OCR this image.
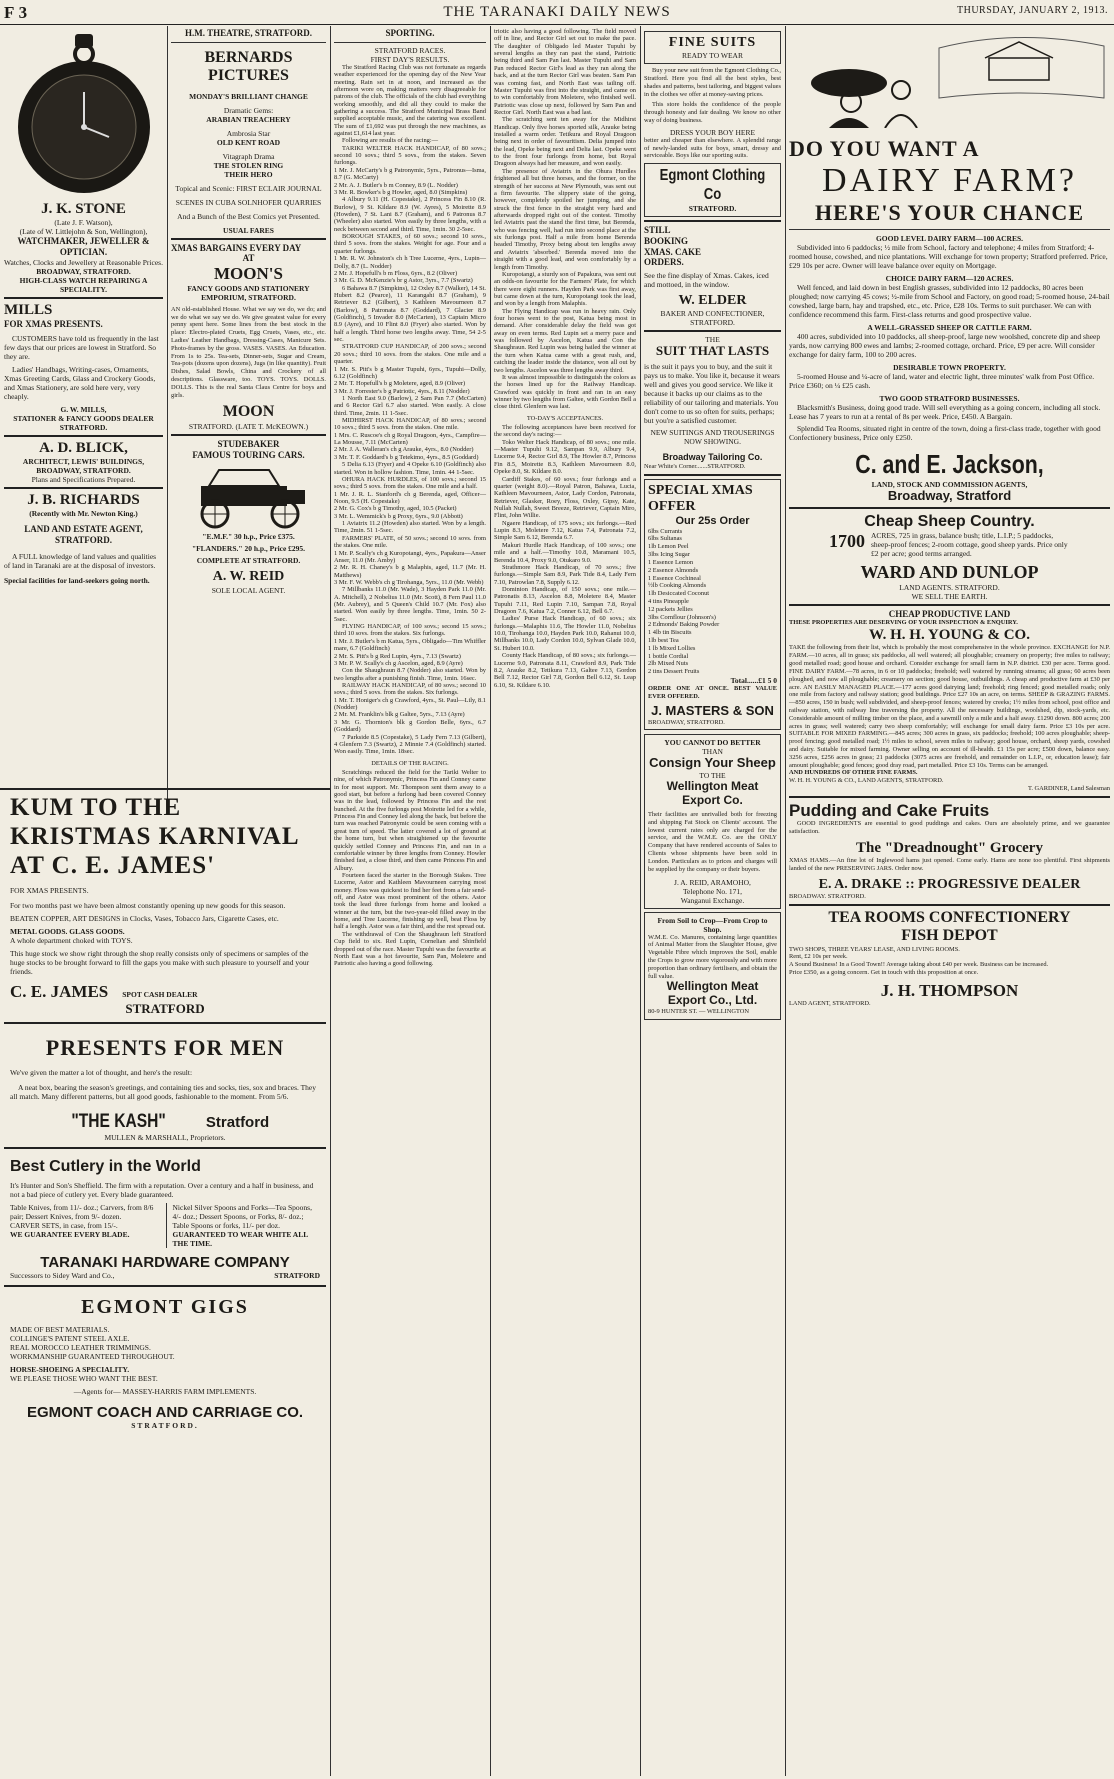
F 3	THE TARANAKI DAILY NEWS	THURSDAY, JANUARY 2, 1913.

J. K. STONE

(Late J. F. Watson),

(Late of W. Littlejohn & Son, Wellington),

WATCHMAKER, JEWELLER & OPTICIAN.

Watches, Clocks and Jewellery at Reasonable Prices.

BROADWAY, STRATFORD.

HIGH-CLASS WATCH REPAIRING A SPECIALITY.

MILLS

FOR XMAS PRESENTS.

CUSTOMERS have told us frequently in the last few days that our prices are lowest in Stratford. So they are.

Ladies' Handbags, Writing-cases, Ornaments, Xmas Greeting Cards, Glass and Crockery Goods, and Xmas Stationery, are sold here very, very cheaply.

G. W. MILLS,

STATIONER & FANCY GOODS DEALER STRATFORD.

A. D. BLICK,

ARCHITECT, LEWIS' BUILDINGS, BROADWAY, STRATFORD.

Plans and Specifications Prepared.

J. B. RICHARDS

(Recently with Mr. Newton King.)

LAND AND ESTATE AGENT, STRATFORD.

A FULL knowledge of land values and qualities of land in Taranaki are at the disposal of investors.

Special facilities for land-seekers going north.

H.M. THEATRE, STRATFORD.

BERNARDS PICTURES

MONDAY'S BRILLIANT CHANGE

Dramatic Gems:

ARABIAN TREACHERY

Ambrosia Star

OLD KENT ROAD

Vitagraph Drama

THE STOLEN RING

THEIR HERO

Topical and Scenic: FIRST ECLAIR JOURNAL

SCENES IN CUBA SOLNHOFER QUARRIES

And a Bunch of the Best Comics yet Presented.

USUAL FARES

XMAS BARGAINS EVERY DAY

AT

MOON'S

FANCY GOODS AND STATIONERY EMPORIUM, STRATFORD.

AN old-established House. What we say we do, we do; and we do what we say we do. We give greatest value for every penny spent here. Some lines from the best stock in the place: Electro-plated Cruets, Egg Cruets, Vases, etc., etc. Ladies' Leather Handbags, Dressing-Cases, Manicure Sets. Photo-frames by the gross. VASES. VASES. An Education. From 1s to 25s. Tea-sets, Dinner-sets, Sugar and Cream, Tea-pots (dozens upon dozens), Jugs (in like quantity). Fruit Dishes, Salad Bowls, China and Crockery of all descriptions. Glassware, too. TOYS. TOYS. DOLLS. DOLLS. This is the real Santa Claus Centre for boys and girls.

MOON

STRATFORD. (LATE T. McKEOWN.)

STUDEBAKER

FAMOUS TOURING CARS.

"E.M.F." 30 h.p., Price £375.

"FLANDERS." 20 h.p., Price £295.

COMPLETE AT STRATFORD.

A. W. REID

SOLE LOCAL AGENT.

KUM TO THE

KRISTMAS KARNIVAL

AT C. E. JAMES'

FOR XMAS PRESENTS.

For two months past we have been almost constantly opening up new goods for this season.

BEATEN COPPER, ART DESIGNS in Clocks, Vases, Tobacco Jars, Cigarette Cases, etc.

METAL GOODS. GLASS GOODS.

A whole department choked with TOYS.

This huge stock we show right through the shop really consists only of specimens or samples of the huge stocks to be brought forward to fill the gaps you make with such pleasure to yourself and your friends.

C. E. JAMES SPOT CASH DEALER

STRATFORD

PRESENTS FOR MEN

We've given the matter a lot of thought, and here's the result:

A neat box, bearing the season's greetings, and containing ties and socks, ties, sox and braces. They all match. Many different patterns, but all good goods, fashionable to the moment. From 5/6.

"THE KASH"	Stratford

MULLEN & MARSHALL, Proprietors.

Best Cutlery in the World

It's Hunter and Son's Sheffield. The firm with a reputation. Over a century and a half in business, and not a bad piece of cutlery yet. Every blade guaranteed.

Table Knives, from 11/- doz.; Carvers, from 8/6 pair; Dessert Knives, from 9/- dozen.

CARVER SETS, in case, from 15/-.

WE GUARANTEE EVERY BLADE.

Nickel Silver Spoons and Forks—Tea Spoons, 4/- doz.; Dessert Spoons, or Forks, 8/- doz.; Table Spoons or forks, 11/- per doz.

GUARANTEED TO WEAR WHITE ALL THE TIME.

TARANAKI HARDWARE COMPANY

Successors to Sidey Ward and Co.,	STRATFORD

EGMONT GIGS

MADE OF BEST MATERIALS.

COLLINGE'S PATENT STEEL AXLE.

REAL MOROCCO LEATHER TRIMMINGS.

WORKMANSHIP GUARANTEED THROUGHOUT.

HORSE-SHOEING A SPECIALITY.

WE PLEASE THOSE WHO WANT THE BEST.

—Agents for— MASSEY-HARRIS FARM IMPLEMENTS.

EGMONT COACH AND CARRIAGE CO.

STRATFORD.

SPORTING.

STRATFORD RACES.

FIRST DAY'S RESULTS.

The Stratford Racing Club was not fortunate as regards weather experienced for the opening day of the New Year meeting. Rain set in at noon, and increased as the afternoon wore on, making matters very disagreeable for patrons of the club. The officials of the club had everything working smoothly, and did all they could to make the gathering a success. The Stratford Municipal Brass Band supplied acceptable music, and the catering was excellent. The sum of £1,692 was put through the new machines, as against £1,614 last year.

Following are results of the racing:—

TARIKI WELTER HACK HANDICAP, of 80 sovs.; second 10 sovs.; third 5 sovs., from the stakes. Seven furlongs.

1 Mr. J. McCarty's b g Patronymic, 5yrs., Patronus—Isma, 8.7 (G. McCarty)

2 Mr. A. J. Butler's b m Conney, 8.9 (L. Nodder)

3 Mr. R. Bowker's b g Howler, aged, 8.0 (Simpkins)

4 Albury 9.11 (H. Copestake), 2 Princess Fin 8.10 (R. Burlow), 9 St. Kildare 8.9 (W. Ayres), 5 Moirette 8.9 (Howden), 7 St. Lani 8.7 (Graham), and 6 Patronus 8.7 (Wheeler) also started. Won easily by three lengths, with a neck between second and third. Time, 1min. 30 2-5sec.

BOROUGH STAKES, of 60 sovs.; second 10 sovs., third 5 sovs. from the stakes. Weight for age. Four and a quarter furlongs.

1 Mr. R. W. Johnston's ch h Tree Lucerne, 4yrs., Lupin—Dolly, 8.7 (L. Nodder)

2 Mr. J. Hopefull's b m Floss, 6yrs., 8.2 (Oliver)

3 Mr. G. D. McKenzie's br g Astor, 3yrs., 7.7 (Swartz)

6 Bahawa 8.7 (Simpkins), 12 Oxley 8.7 (Walker), 14 St. Hubert 8.2 (Pearce), 11 Karangahi 8.7 (Graham), 9 Retriever 8.2 (Gilbert), 3 Kathleen Mavourneen 8.7 (Barlow), 8 Patronata 8.7 (Goddard), 7 Glacier 8.9 (Goldfinch), 5 Invader 8.0 (McCarten), 13 Captain Micro 8.9 (Ayre), and 10 Flint 8.0 (Fryer) also started. Won by half a length. Third horse two lengths away. Time, 54 2-5 sec.

STRATFORD CUP HANDICAP, of 200 sovs.; second 20 sovs.; third 10 sovs. from the stakes. One mile and a quarter.

1 Mr. S. Pitt's b g Master Tupuhi, 6yrs., Tupuhi—Dolly, 6.12 (Goldfinch)

2 Mr. T. Hopefull's b g Moletere, aged, 8.9 (Oliver)

3 Mr. J. Forrester's b g Patriotic, 4yrs., 8.11 (Nodder)

1 North East 9.0 (Barlow), 2 Sam Pan 7.7 (McCarten) and 6 Rector Girl 6.7 also started. Won easily. A close third. Time, 2min. 11 1-5sec.

MIDHIRST HACK HANDICAP, of 80 sovs.; second 10 sovs.; third 5 sovs. from the stakes. One mile.

1 Mrs. C. Ruscoe's ch g Royal Dragoon, 4yrs., Campfire—La Mousse, 7.11 (McCarten)

2 Mr. J. A. Walleran's ch g Arauke, 4yrs., 8.0 (Nodder)

3 Mr. T. F. Goddard's b g Tetekimo, 4yrs., 8.5 (Goddard)

5 Delia 6.13 (Fryer) and 4 Opeke 6.10 (Goldfinch) also started. Won in hollow fashion. Time, 1min. 44 1-5sec.

OHURA HACK HURDLES, of 100 sovs.; second 15 sovs.; third 5 sovs. from the stakes. One mile and a half.

1 Mr. J. R. L. Stanford's ch g Berenda, aged, Officer—Noon, 9.5 (H. Copestake)

2 Mr. G. Cox's b g Timothy, aged, 10.5 (Packet)

3 Mr. L. Wemmick's b g Proxy, 6yrs., 9.0 (Abbott)

1 Aviatrix 11.2 (Howden) also started. Won by a length. Time, 2min. 51 1-5sec.

FARMERS' PLATE, of 50 sovs.; second 10 sovs. from the stakes. One mile.

1 Mr. P. Scally's ch g Kuropotangi, 4yrs., Papakura—Anser Anser, 11.0 (Mr. Amby)

2 Mr. R. H. Chaney's b g Malaphis, aged, 11.7 (Mr. H. Matthews)

3 Mr. F. W. Webb's ch g Tirohanga, 5yrs., 11.0 (Mr. Webb)

7 Millbanks 11.0 (Mr. Wade), 3 Hayden Park 11.0 (Mr. A. Mitchell), 2 Nobelius 11.0 (Mr. Scott), 8 Fern Paul 11.0 (Mr. Aubrey), and 5 Queen's Child 10.7 (Mr. Fox) also started. Won easily by three lengths. Time, 1min. 50 2-5sec.

FLYING HANDICAP, of 100 sovs.; second 15 sovs.; third 10 sovs. from the stakes. Six furlongs.

1 Mr. J. Butler's b m Katua, 5yrs., Obligado—Tim Whiffler mare, 6.7 (Goldfinch)

2 Mr. S. Pitt's b g Red Lupin, 4yrs., 7.13 (Swartz)

3 Mr. P. W. Scally's ch g Ascelon, aged, 8.9 (Ayre)

Con the Shaughraun 8.7 (Nodder) also started. Won by two lengths after a punishing finish. Time, 1min. 16sec.

RAILWAY HACK HANDICAP, of 80 sovs.; second 10 sovs.; third 5 sovs. from the stakes. Six furlongs.

1 Mr. T. Honiger's ch g Crawford, 4yrs., St. Paul—Lily, 8.1 (Nodder)

2 Mr. M. Franklin's blk g Galtee, 5yrs., 7.13 (Ayre)

3 Mr. G. Thornton's blk g Gordon Belle, 6yrs., 6.7 (Goddard)

7 Parkside 8.5 (Copestake), 5 Lady Fern 7.13 (Gilbert), 4 Glenfern 7.3 (Swartz), 2 Minnie 7.4 (Goldfinch) started. Won easily. Time, 1min. 18sec.

DETAILS OF THE RACING.

Scratchings reduced the field for the Tariki Welter to nine, of which Patronymic, Princess Fin and Conney came in for most support. Mr. Thompson sent them away to a good start, but before a furlong had been covered Conney was in the lead, followed by Princess Fin and the rest bunched. At the five furlongs post Moirette led for a while, Princess Fin and Conney led along the back, but before the turn was reached Patronymic could be seen coming with a great turn of speed. The latter covered a lot of ground at the home turn, but when straightened up the favourite quickly settled Conney and Princess Fin, and ran in a comfortable winner by three lengths from Conney. Howler finished fast, a close third, and then came Princess Fin and Albury.

Fourteen faced the starter in the Borough Stakes. Tree Lucerne, Astor and Kathleen Mavourneen carrying most money. Floss was quickest to find her feet from a fair send-off, and Astor was most prominent of the others. Astor took the lead three furlongs from home and looked a winner at the turn, but the two-year-old filled away in the home, and Tree Lucerne, finishing up well, beat Floss by half a length. Astor was a fair third, and the rest spread out.

The withdrawal of Con the Shaughraun left Stratford Cup field to six. Red Lupin, Cornelian and Shinfield dropped out of the race. Master Tupuhi was the favourite at North East was a hot favourite, Sam Pan, Moletere and Patriotic also having a good following.

triotic also having a good following. The field moved off in line, and Rector Girl set out to make the pace. The daughter of Obligado led Master Tupuhi by several lengths as they ran past the stand, Patriotic being third and Sam Pan last. Master Tupuhi and Sam Pan reduced Rector Girl's lead as they ran along the back, and at the turn Rector Girl was beaten. Sam Pan was coming fast, and North East was tailing off. Master Tupuhi was first into the straight, and came on to win comfortably from Moletere, who finished well. Patriotic was close up next, followed by Sam Pan and Rector Girl. North East was a bad last.

The scratching sent ten away for the Midhirst Handicap. Only five horses sported silk, Arauke being installed a warm order. Tetikura and Royal Dragoon being next in order of favouritism. Delia jumped into the lead, Opeke being next and Delia last. Opeke went to the front four furlongs from home, but Royal Dragoon always had her measure, and won easily.

The presence of Aviatrix in the Ohura Hurdles frightened all but three horses, and the former, on the strength of her success at New Plymouth, was sent out a firm favourite. The slippery state of the going, however, completely spoiled her jumping, and she struck the first fence in the straight very hard and afterwards dropped right out of the contest. Timothy led Aviatrix past the stand the first time, but Berenda, who was fencing well, had run into second place at the six furlongs post. Half a mile from home Berenda headed Timothy, Proxy being about ten lengths away and Aviatrix 'absorbed.' Berenda moved into the straight with a good lead, and won comfortably by a length from Timothy.

Kuropotangi, a sturdy son of Papakura, was sent out an odds-on favourite for the Farmers' Plate, for which there were eight runners. Hayden Park was first away, but came down at the turn, Kuropotangi took the lead, and won by a length from Malaphis.

The Flying Handicap was run in heavy rain. Only four horses went to the post, Katua being most in demand. After considerable delay the field was got away on even terms. Red Lupin set a merry pace and was followed by Ascelon, Katua and Con the Shaughraun. Red Lupin was being hailed the winner at the turn when Katua came with a great rush, and, catching the leader inside the distance, won all out by two lengths. Ascelon was three lengths away third.

It was almost impossible to distinguish the colors as the horses lined up for the Railway Handicap. Crawford was quickly in front and ran in an easy winner by two lengths from Galtee, with Gordon Bell a close third. Glenfern was last.

TO-DAY'S ACCEPTANCES.

The following acceptances have been received for the second day's racing:—

Toko Welter Hack Handicap, of 80 sovs.; one mile.—Master Tupuhi 9.12, Sampan 9.9, Albury 9.4, Lucerne 9.4, Rector Girl 8.9, The Howler 8.7, Princess Fin 8.5, Moirette 8.3, Kathleen Mavourneen 8.0, Opeke 8.0, St. Kildare 8.0.

Cardiff Stakes, of 60 sovs.; four furlongs and a quarter (weight 8.0).—Royal Patron, Bahawa, Lucia, Kathleen Mavourneen, Astor, Lady Cordon, Patronata, Retriever, Glasker, Roey, Floss, Oxley, Gipsy, Kate, Nullah Nullah, Sweet Breeze, Retriever, Captain Miro, Flint, John Willie.

Ngaere Handicap, of 175 sovs.; six furlongs.—Red Lupin 8.3, Moletere 7.12, Katua 7.4, Patronata 7.2, Simple Sam 6.12, Berenda 6.7.

Makuri Hurdle Hack Handicap, of 100 sovs.; one mile and a half.—Timothy 10.8, Maramani 10.5, Berenda 10.4, Proxy 9.0, Otukaro 9.0.

Strathmore Hack Handicap, of 70 sovs.; five furlongs.—Simple Sam 8.9, Park Tide 8.4, Lady Fern 7.10, Patrowlan 7.8, Supply 6.12.

Dominion Handicap, of 150 sovs.; one mile.—Patronatis 8.13, Ascelon 8.8, Moletere 8.4, Master Tupuhi 7.11, Red Lupin 7.10, Sampan 7.8, Royal Dragoon 7.6, Katua 7.2, Conner 6.12, Bell 6.7.

Ladies' Purse Hack Handicap, of 60 sovs.; six furlongs.—Malaphis 11.6, The Howler 11.0, Nobelius 10.0, Tirohanga 10.0, Hayden Park 10.0, Rahanui 10.0, Millbanks 10.0, Lady Cordon 10.0, Sylvan Glade 10.0, St. Hubert 10.0.

County Hack Handicap, of 80 sovs.; six furlongs.—Lucerne 9.0, Patronata 8.11, Crawford 8.9, Park Tide 8.2, Arauke 8.2, Tetikura 7.13, Galtee 7.13, Gordon Bell 7.12, Rector Girl 7.8, Gordon Bell 6.12, St. Leap 6.10, St. Kildare 6.10.

FINE SUITS

READY TO WEAR

Buy your new suit from the Egmont Clothing Co., Stratford. Here you find all the best styles, best shades and patterns, best tailoring, and biggest values in the clothes we offer at money-saving prices.

This store holds the confidence of the people through honesty and fair dealing. We know no other way of doing business.

DRESS YOUR BOY HERE

better and cheaper than elsewhere. A splendid range of newly-landed suits for boys, smart, dressy and serviceable. Boys like our sporting suits.

Egmont Clothing Co

STRATFORD.

STILL BOOKING XMAS. CAKE ORDERS.

See the fine display of Xmas. Cakes, iced and mottoed, in the window.

W. ELDER

BAKER AND CONFECTIONER, STRATFORD.

THE

SUIT THAT LASTS

is the suit it pays you to buy, and the suit it pays us to make. You like it, because it wears well and gives you good service. We like it because it backs up our claims as to the reliability of our tailoring and materials. You don't come to us so often for suits, perhaps; but you're a satisfied customer.

NEW SUITINGS AND TROUSERINGS NOW SHOWING.

Broadway Tailoring Co.

Near White's Corner.......STRATFORD.

SPECIAL XMAS OFFER

Our 25s Order

6lbs Currants

6lbs Sultanas

1lb Lemon Peel

3lbs Icing Sugar

1 Essence Lemon

2 Essence Almonds

1 Essence Cochineal

½lb Cooking Almonds

1lb Desiccated Coconut

4 tins Pineapple

12 packets Jellies

3lbs Cornflour (Johnson's)

2 Edmonds' Baking Powder

1 4lb tin Biscuits

1lb best Tea

1 lb Mixed Lollies

1 bottle Cordial

2lb Mixed Nuts

2 tins Dessert Fruits

Total......£1 5 0

ORDER ONE AT ONCE. BEST VALUE EVER OFFERED.

J. MASTERS & SON

BROADWAY, STRATFORD.

YOU CANNOT DO BETTER

THAN

Consign Your Sheep

TO THE

Wellington Meat Export Co.

Their facilities are unrivalled both for freezing and shipping Fat Stock on Clients' account. The lowest current rates only are charged for the service, and the W.M.E. Co. are the ONLY Company that have rendered accounts of Sales to Clients whose shipments have been sold in London. Particulars as to prices and charges will be supplied by the company or their buyers.

J. A. REID, ARAMOHO,

Telephone No. 171,

Wanganui Exchange.

From Soil to Crop—From Crop to Shop.

W.M.E. Co. Manures, containing large quantities of Animal Matter from the Slaughter House, give Vegetable Fibre which improves the Soil, enable the Crops to grow more vigorously and with more proportion than ordinary fertilisers, and obtain the full value.

Wellington Meat Export Co., Ltd.

80-9 HUNTER ST. — WELLINGTON

DO YOU WANT A

DAIRY FARM?

HERE'S YOUR CHANCE

GOOD LEVEL DAIRY FARM—100 ACRES.

Subdivided into 6 paddocks; ½ mile from School, factory and telephone; 4 miles from Stratford; 4-roomed house, cowshed, and nice plantations. Will exchange for town property; Stratford preferred. Price, £29 10s per acre. Owner will leave balance over equity on Mortgage.

CHOICE DAIRY FARM—120 ACRES.

Well fenced, and laid down in best English grasses, subdivided into 12 paddocks, 80 acres been ploughed; now carrying 45 cows; ½-mile from School and Factory, on good road; 5-roomed house, 24-bail cowshed, large barn, hay and trapshed, etc., etc. Price, £28 10s. Terms to suit purchaser. We can with confidence recommend this farm. First-class returns and good prospective value.

A WELL-GRASSED SHEEP OR CATTLE FARM.

400 acres, subdivided into 10 paddocks, all sheep-proof, large new woolshed, concrete dip and sheep yards, now carrying 800 ewes and lambs; 2-roomed cottage, orchard. Price, £9 per acre. Will consider exchange for dairy farm, 100 to 200 acres.

DESIRABLE TOWN PROPERTY.

5-roomed House and ¼-acre of land, water and electric light, three minutes' walk from Post Office. Price £360; on ¼ £25 cash.

TWO GOOD STRATFORD BUSINESSES.

Blacksmith's Business, doing good trade. Will sell everything as a going concern, including all stock. Lease has 7 years to run at a rental of 8s per week. Price, £450. A Bargain.

Splendid Tea Rooms, situated right in centre of the town, doing a first-class trade, together with good Confectionery business, Price only £250.

C. and E. Jackson,

LAND, STOCK AND COMMISSION AGENTS,

Broadway, Stratford

Cheap Sheep Country.

1700 ACRES, 725 in grass, balance bush; title, L.I.P.; 5 paddocks, sheep-proof fences; 2-room cottage, good sheep yards. Price only £2 per acre; good terms arranged.

WARD AND DUNLOP

LAND AGENTS. STRATFORD.

WE SELL THE EARTH.

CHEAP PRODUCTIVE LAND

THESE PROPERTIES ARE DESERVING OF YOUR INSPECTION & ENQUIRY.

W. H. H. YOUNG & CO.

TAKE the following from their list, which is probably the most comprehensive in the whole province. EXCHANGE for N.P. FARM.—10 acres, all in grass; six paddocks, all well watered; all ploughable; creamery on property; five miles to railway; good metalled road; good house and orchard. Consider exchange for small farm in N.P. district. £30 per acre. Terms good. FINE DAIRY FARM.—78 acres, in 6 or 10 paddocks; freehold; well watered by running streams; all grass; 60 acres been ploughed, and now all ploughable; creamery on section; good house, outbuildings. A cheap and productive farm at £30 per acre. AN EASILY MANAGED PLACE.—177 acres good dairying land; freehold; ring fenced; good metalled roads; only one mile from factory and railway station; good buildings. Price £27 10s an acre, on terms. SHEEP & GRAZING FARMS.—850 acres, 150 in bush; well subdivided, and sheep-proof fences; watered by creeks; 1½ miles from school, post office and railway station, with railway line traversing the property. All the necessary buildings, woolshed, dip, stock-yards, etc. Considerable amount of milling timber on the place, and a sawmill only a mile and a half away. £1290 down. 800 acres; 200 acres in grass; well watered; carry two sheep comfortably; will exchange for small dairy farm. Price £3 10s per acre. SUITABLE FOR MIXED FARMING.—845 acres; 300 acres in grass, six paddocks; freehold; 100 acres ploughable; sheep-proof fencing; good metalled road; 1½ miles to school, seven miles to railway; good house, orchard, sheep yards, cowshed and dairy. Suitable for mixed farming. Owner selling on account of ill-health. £1 15s per acre; £500 down, balance easy. 3256 acres, £256 acres in grass; 21 paddocks (3075 acres are freehold, and remainder on L.I.P., or, education lease); fair amount ploughable; good fences; good dray road, part metalled. Price £3 10s. Terms can be arranged.

AND HUNDREDS OF OTHER FINE FARMS.

W. H. H. YOUNG & CO., LAND AGENTS, STRATFORD.

T. GARDINER, Land Salesman

Pudding and Cake Fruits

GOOD INGREDIENTS are essential to good puddings and cakes. Ours are absolutely prime, and we guarantee satisfaction.

The "Dreadnought" Grocery

XMAS HAMS.—An fine lot of Inglewood hams just opened. Come early. Hams are none too plentiful. First shipments landed of the new PRESERVING JARS. Order now.

E. A. DRAKE :: PROGRESSIVE DEALER

BROADWAY. STRATFORD.

TEA ROOMS CONFECTIONERY

FISH DEPOT

TWO SHOPS, THREE YEARS' LEASE, AND LIVING ROOMS.

Rent, £2 10s per week.

A Sound Business! In a Good Town!! Average taking about £40 per week. Business can be increased.

Price £350, as a going concern. Get in touch with this proposition at once.

J. H. THOMPSON

LAND AGENT, STRATFORD.
